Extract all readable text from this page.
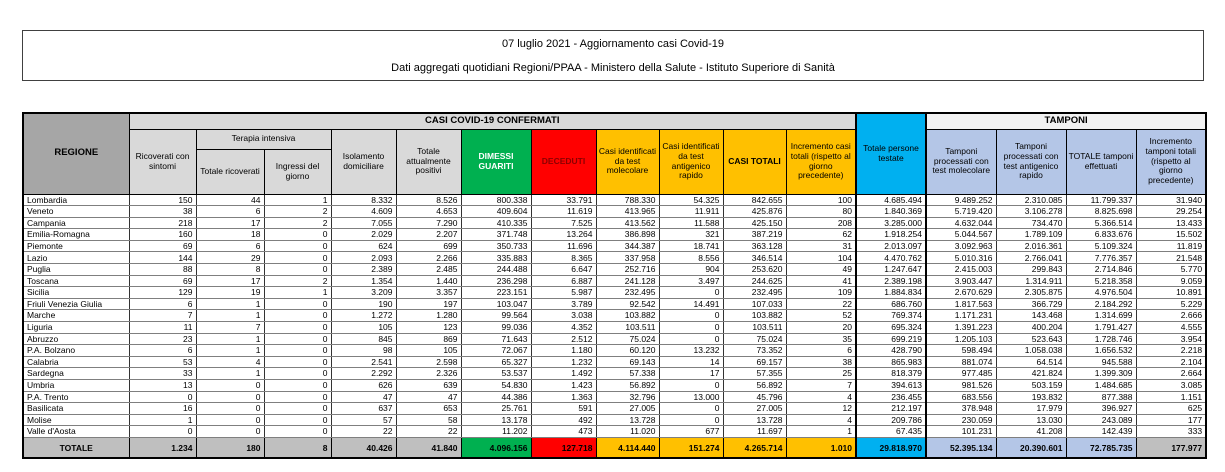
07 luglio 2021 - Aggiornamento casi Covid-19
Dati aggregati quotidiani Regioni/PPAA - Ministero della Salute - Istituto Superiore di Sanità
REGIONE	CASI COVID-19 CONFERMATI											Totale persone testate	TAMPONI			
	Ricoverati con sintomi	Terapia intensiva		Isolamento domiciliare	Totale attualmente positivi	DIMESSI GUARITI	DECEDUTI	Casi identificati da test molecolare	Casi identificati da test antigenico rapido	CASI TOTALI	Incremento casi totali (rispetto al giorno precedente)		Tamponi processati con test molecolare	Tamponi processati con test antigenico rapido	TOTALE tamponi effettuati	Incremento tamponi totali (rispetto al giorno precedente)
		Totale ricoverati	Ingressi del giorno													
Lombardia	150	44	1	8.332	8.526	800.338	33.791	788.330	54.325	842.655	100	4.685.494	9.489.252	2.310.085	11.799.337	31.940
Veneto	38	6	2	4.609	4.653	409.604	11.619	413.965	11.911	425.876	80	1.840.369	5.719.420	3.106.278	8.825.698	29.254
Campania	218	17	2	7.055	7.290	410.335	7.525	413.562	11.588	425.150	208	3.285.000	4.632.044	734.470	5.366.514	13.433
Emilia-Romagna	160	18	0	2.029	2.207	371.748	13.264	386.898	321	387.219	62	1.918.254	5.044.567	1.789.109	6.833.676	15.502
Piemonte	69	6	0	624	699	350.733	11.696	344.387	18.741	363.128	31	2.013.097	3.092.963	2.016.361	5.109.324	11.819
Lazio	144	29	0	2.093	2.266	335.883	8.365	337.958	8.556	346.514	104	4.470.762	5.010.316	2.766.041	7.776.357	21.548
Puglia	88	8	0	2.389	2.485	244.488	6.647	252.716	904	253.620	49	1.247.647	2.415.003	299.843	2.714.846	5.770
Toscana	69	17	2	1.354	1.440	236.298	6.887	241.128	3.497	244.625	41	2.389.198	3.903.447	1.314.911	5.218.358	9.059
Sicilia	129	19	1	3.209	3.357	223.151	5.987	232.495	0	232.495	109	1.884.834	2.670.629	2.305.875	4.976.504	10.891
Friuli Venezia Giulia	6	1	0	190	197	103.047	3.789	92.542	14.491	107.033	22	686.760	1.817.563	366.729	2.184.292	5.229
Marche	7	1	0	1.272	1.280	99.564	3.038	103.882	0	103.882	52	769.374	1.171.231	143.468	1.314.699	2.666
Liguria	11	7	0	105	123	99.036	4.352	103.511	0	103.511	20	695.324	1.391.223	400.204	1.791.427	4.555
Abruzzo	23	1	0	845	869	71.643	2.512	75.024	0	75.024	35	699.219	1.205.103	523.643	1.728.746	3.954
P.A. Bolzano	6	1	0	98	105	72.067	1.180	60.120	13.232	73.352	6	428.790	598.494	1.058.038	1.656.532	2.218
Calabria	53	4	0	2.541	2.598	65.327	1.232	69.143	14	69.157	38	865.983	881.074	64.514	945.588	2.104
Sardegna	33	1	0	2.292	2.326	53.537	1.492	57.338	17	57.355	25	818.379	977.485	421.824	1.399.309	2.664
Umbria	13	0	0	626	639	54.830	1.423	56.892	0	56.892	7	394.613	981.526	503.159	1.484.685	3.085
P.A. Trento	0	0	0	47	47	44.386	1.363	32.796	13.000	45.796	4	236.455	683.556	193.832	877.388	1.151
Basilicata	16	0	0	637	653	25.761	591	27.005	0	27.005	12	212.197	378.948	17.979	396.927	625
Molise	1	0	0	57	58	13.178	492	13.728	0	13.728	4	209.786	230.059	13.030	243.089	177
Valle d'Aosta	0	0	0	22	22	11.202	473	11.020	677	11.697	1	67.435	101.231	41.208	142.439	333
TOTALE	1.234	180	8	40.426	41.840	4.096.156	127.718	4.114.440	151.274	4.265.714	1.010	29.818.970	52.395.134	20.390.601	72.785.735	177.977
